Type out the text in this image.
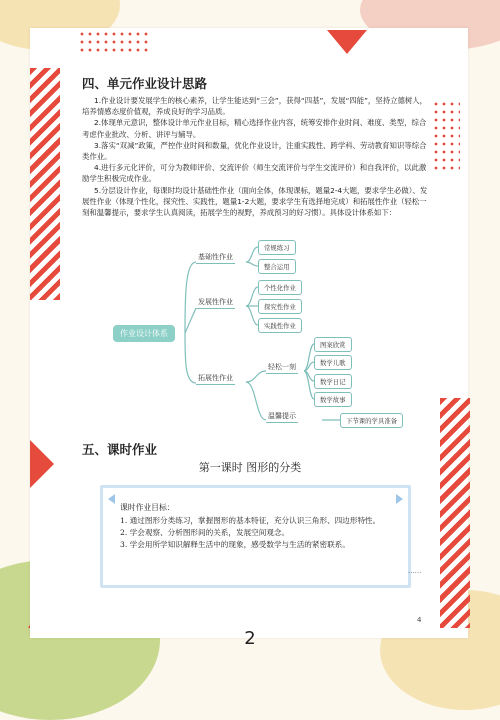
四、单元作业设计思路
1.作业设计要发展学生的核心素养，让学生能达到“三会”，获得“四基”，发展“四能”，坚持立德树人，培养情感态度价值观，养成良好的学习品质。
2.体现单元意识，整体设计单元作业目标，精心选择作业内容，统筹安排作业时间、难度、类型，综合考虑作业批改、分析、讲评与辅导。
3.落实“双减”政策，严控作业时间和数量，优化作业设计，注重实践性、跨学科、劳动教育知识等综合类作业。
4.进行多元化评价，可分为教师评价、交流评价（师生交流评价与学生交流评价）和自我评价，以此激励学生积极完成作业。
5.分层设计作业，每课时均设计基础性作业（面向全体，体现课标，题量2-4大题，要求学生必做）、发展性作业（体现个性化，探究性、实践性，题量1-2大题，要求学生有选择地完成）和拓展性作业（轻松一刻和温馨提示，要求学生认真阅读，拓展学生的视野，养成预习的好习惯）。具体设计体系如下：
作业设计体系
基础性作业
常规练习
整合运用
发展性作业
个性化作业
探究性作业
实践性作业
拓展性作业
轻松一刻
图案欣赏
数学儿歌
数学日记
数学故事
温馨提示
下节课的学具准备
五、课时作业
第一课时 图形的分类
课时作业目标：
1. 通过图形分类练习，掌握图形的基本特征，充分认识三角形、四边形特性。
2. 学会观察、分析图形间的关系，发展空间观念。
3. 学会用所学知识解释生活中的现象，感受数学与生活的紧密联系。
......
4
2
